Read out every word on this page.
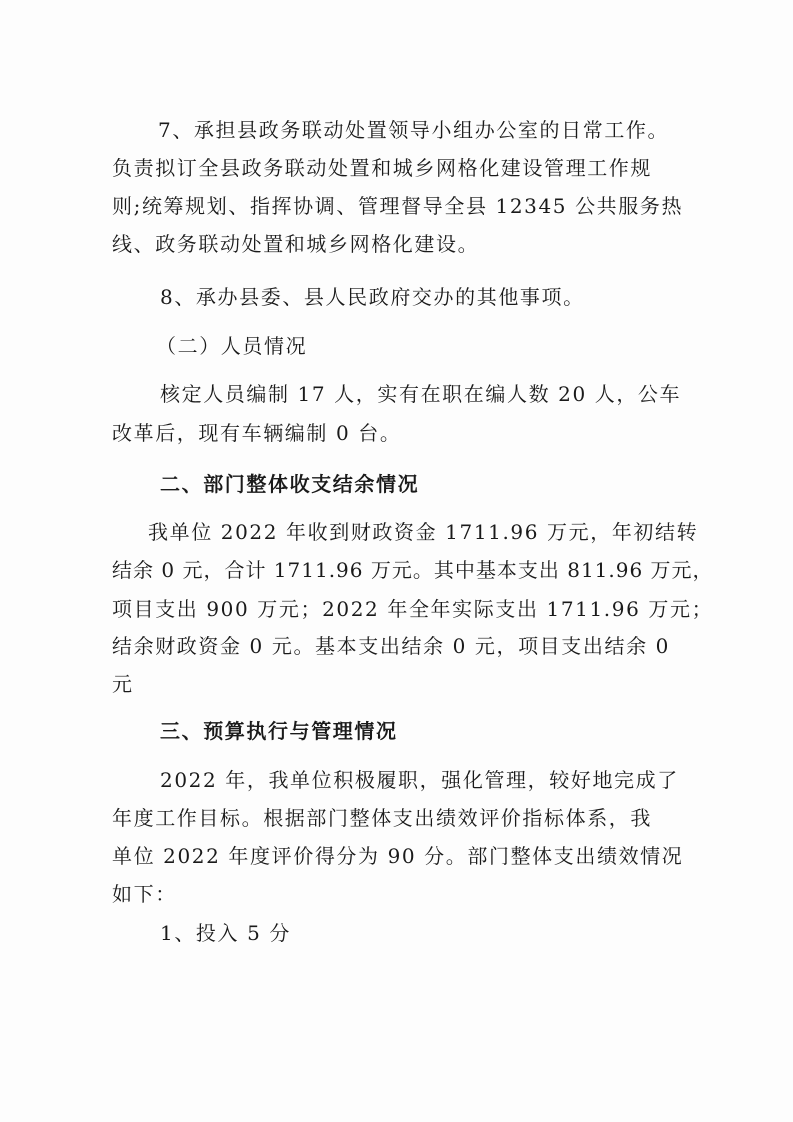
7、承担县政务联动处置领导小组办公室的日常工作。
负责拟订全县政务联动处置和城乡网格化建设管理工作规
则;统筹规划、指挥协调、管理督导全县 12345 公共服务热
线、政务联动处置和城乡网格化建设。
8、承办县委、县人民政府交办的其他事项。
（二）人员情况
核定人员编制 17 人，实有在职在编人数 20 人，公车
改革后，现有车辆编制 0 台。
二、部门整体收支结余情况
我单位 2022 年收到财政资金 1711.96 万元，年初结转
结余 0 元，合计 1711.96 万元。其中基本支出 811.96 万元，
项目支出 900 万元；2022 年全年实际支出 1711.96 万元；
结余财政资金 0 元。基本支出结余 0 元，项目支出结余 0
元
三、预算执行与管理情况
2022 年，我单位积极履职，强化管理，较好地完成了
年度工作目标。根据部门整体支出绩效评价指标体系，我
单位 2022 年度评价得分为 90 分。部门整体支出绩效情况
如下：
1、投入 5 分
